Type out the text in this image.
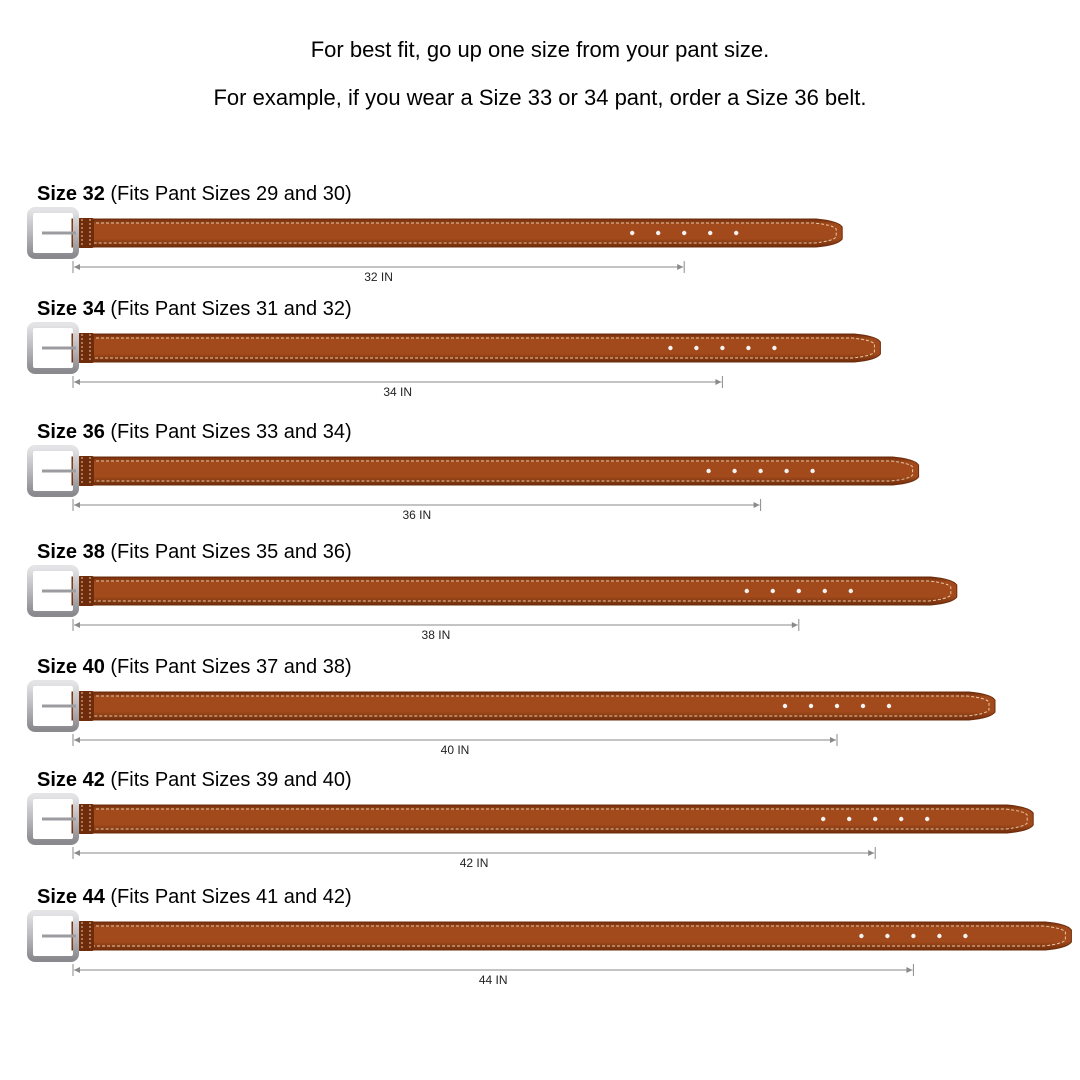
For best fit, go up one size from your pant size.
For example, if you wear a Size 33 or 34 pant, order a Size 36 belt.
Size 32 (Fits Pant Sizes 29 and 30)
32 IN
Size 34 (Fits Pant Sizes 31 and 32)
34 IN
Size 36 (Fits Pant Sizes 33 and 34)
36 IN
Size 38 (Fits Pant Sizes 35 and 36)
38 IN
Size 40 (Fits Pant Sizes 37 and 38)
40 IN
Size 42 (Fits Pant Sizes 39 and 40)
42 IN
Size 44 (Fits Pant Sizes 41 and 42)
44 IN
